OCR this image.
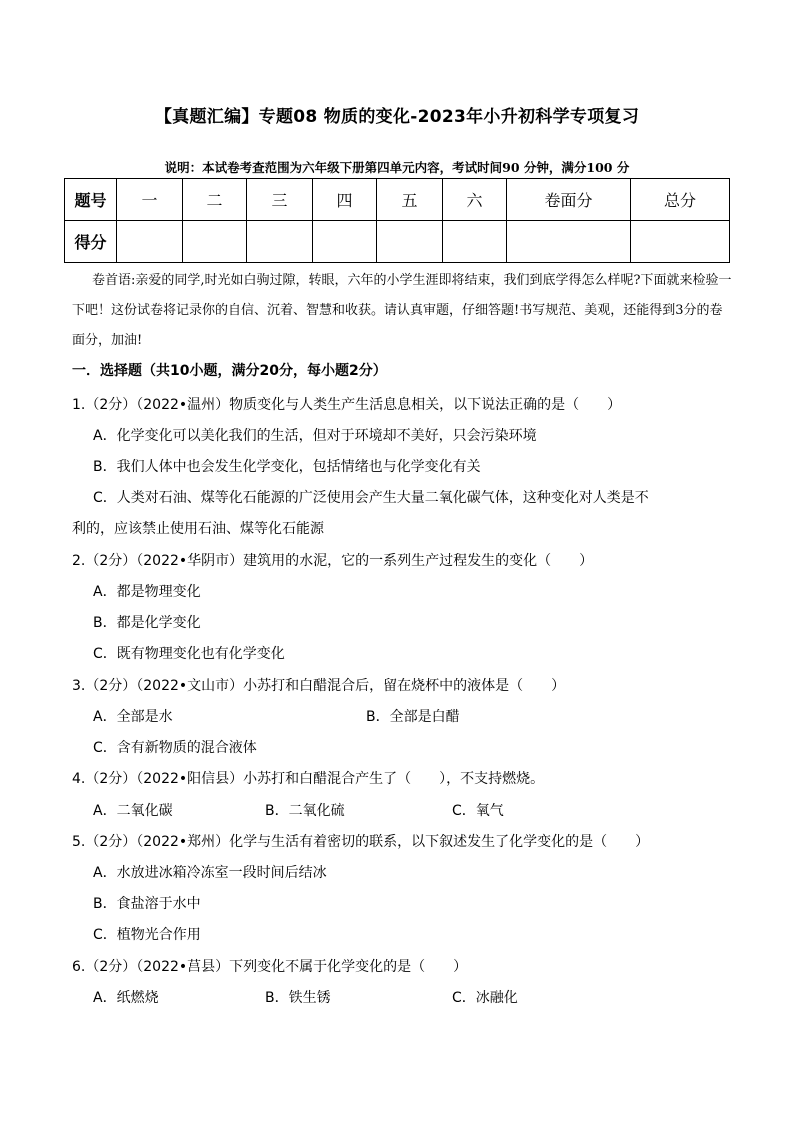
【真题汇编】专题08 物质的变化-2023年小升初科学专项复习
说明：本试卷考查范围为六年级下册第四单元内容，考试时间90 分钟，满分100 分
题号	一	二	三	四	五	六	卷面分	总分
得分								
卷首语:亲爱的同学,时光如白驹过隙，转眼，六年的小学生涯即将结束，我们到底学得怎么样呢?下面就来检验一下吧！这份试卷将记录你的自信、沉着、智慧和收获。请认真审题，仔细答题!书写规范、美观，还能得到3分的卷面分，加油!
一．选择题（共10小题，满分20分，每小题2分）
1.（2分）（2022•温州）物质变化与人类生产生活息息相关，以下说法正确的是（　　）
A．化学变化可以美化我们的生活，但对于环境却不美好，只会污染环境
B．我们人体中也会发生化学变化，包括情绪也与化学变化有关
C．人类对石油、煤等化石能源的广泛使用会产生大量二氧化碳气体，这种变化对人类是不
利的，应该禁止使用石油、煤等化石能源
2.（2分）（2022•华阴市）建筑用的水泥，它的一系列生产过程发生的变化（　　）
A．都是物理变化
B．都是化学变化
C．既有物理变化也有化学变化
3.（2分）（2022•文山市）小苏打和白醋混合后，留在烧杯中的液体是（　　）
A．全部是水	B．全部是白醋
C．含有新物质的混合液体
4.（2分）（2022•阳信县）小苏打和白醋混合产生了（　　），不支持燃烧。
A．二氧化碳	B．二氧化硫	C．氧气
5.（2分）（2022•郑州）化学与生活有着密切的联系，以下叙述发生了化学变化的是（　　）
A．水放进冰箱冷冻室一段时间后结冰
B．食盐溶于水中
C．植物光合作用
6.（2分）（2022•莒县）下列变化不属于化学变化的是（　　）
A．纸燃烧	B．铁生锈	C．冰融化
